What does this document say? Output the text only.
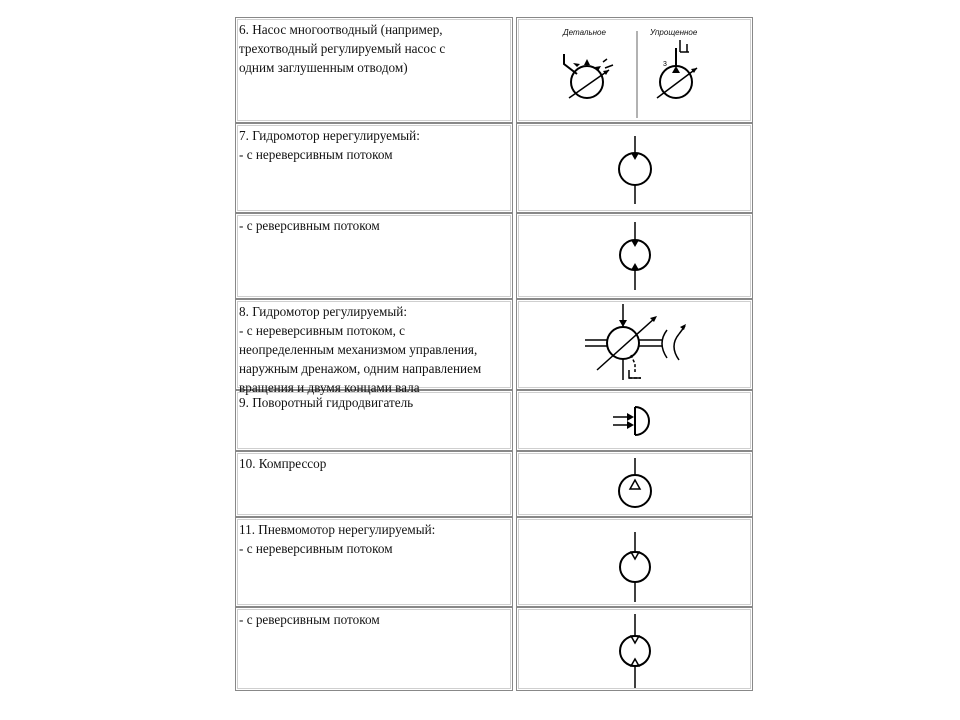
6. Насос многоотводный (например,
трехотводный регулируемый насос с
одним заглушенным отводом)
Детальное	Упрощенное
3
7. Гидромотор нерегулируемый:
- с нереверсивным потоком
- с реверсивным потоком
8. Гидромотор регулируемый:
- с нереверсивным потоком, с
неопределенным механизмом управления,
наружным дренажом, одним направлением
вращения и двумя концами вала
9. Поворотный гидродвигатель
10. Компрессор
11. Пневмомотор нерегулируемый:
- с нереверсивным потоком
- с реверсивным потоком
